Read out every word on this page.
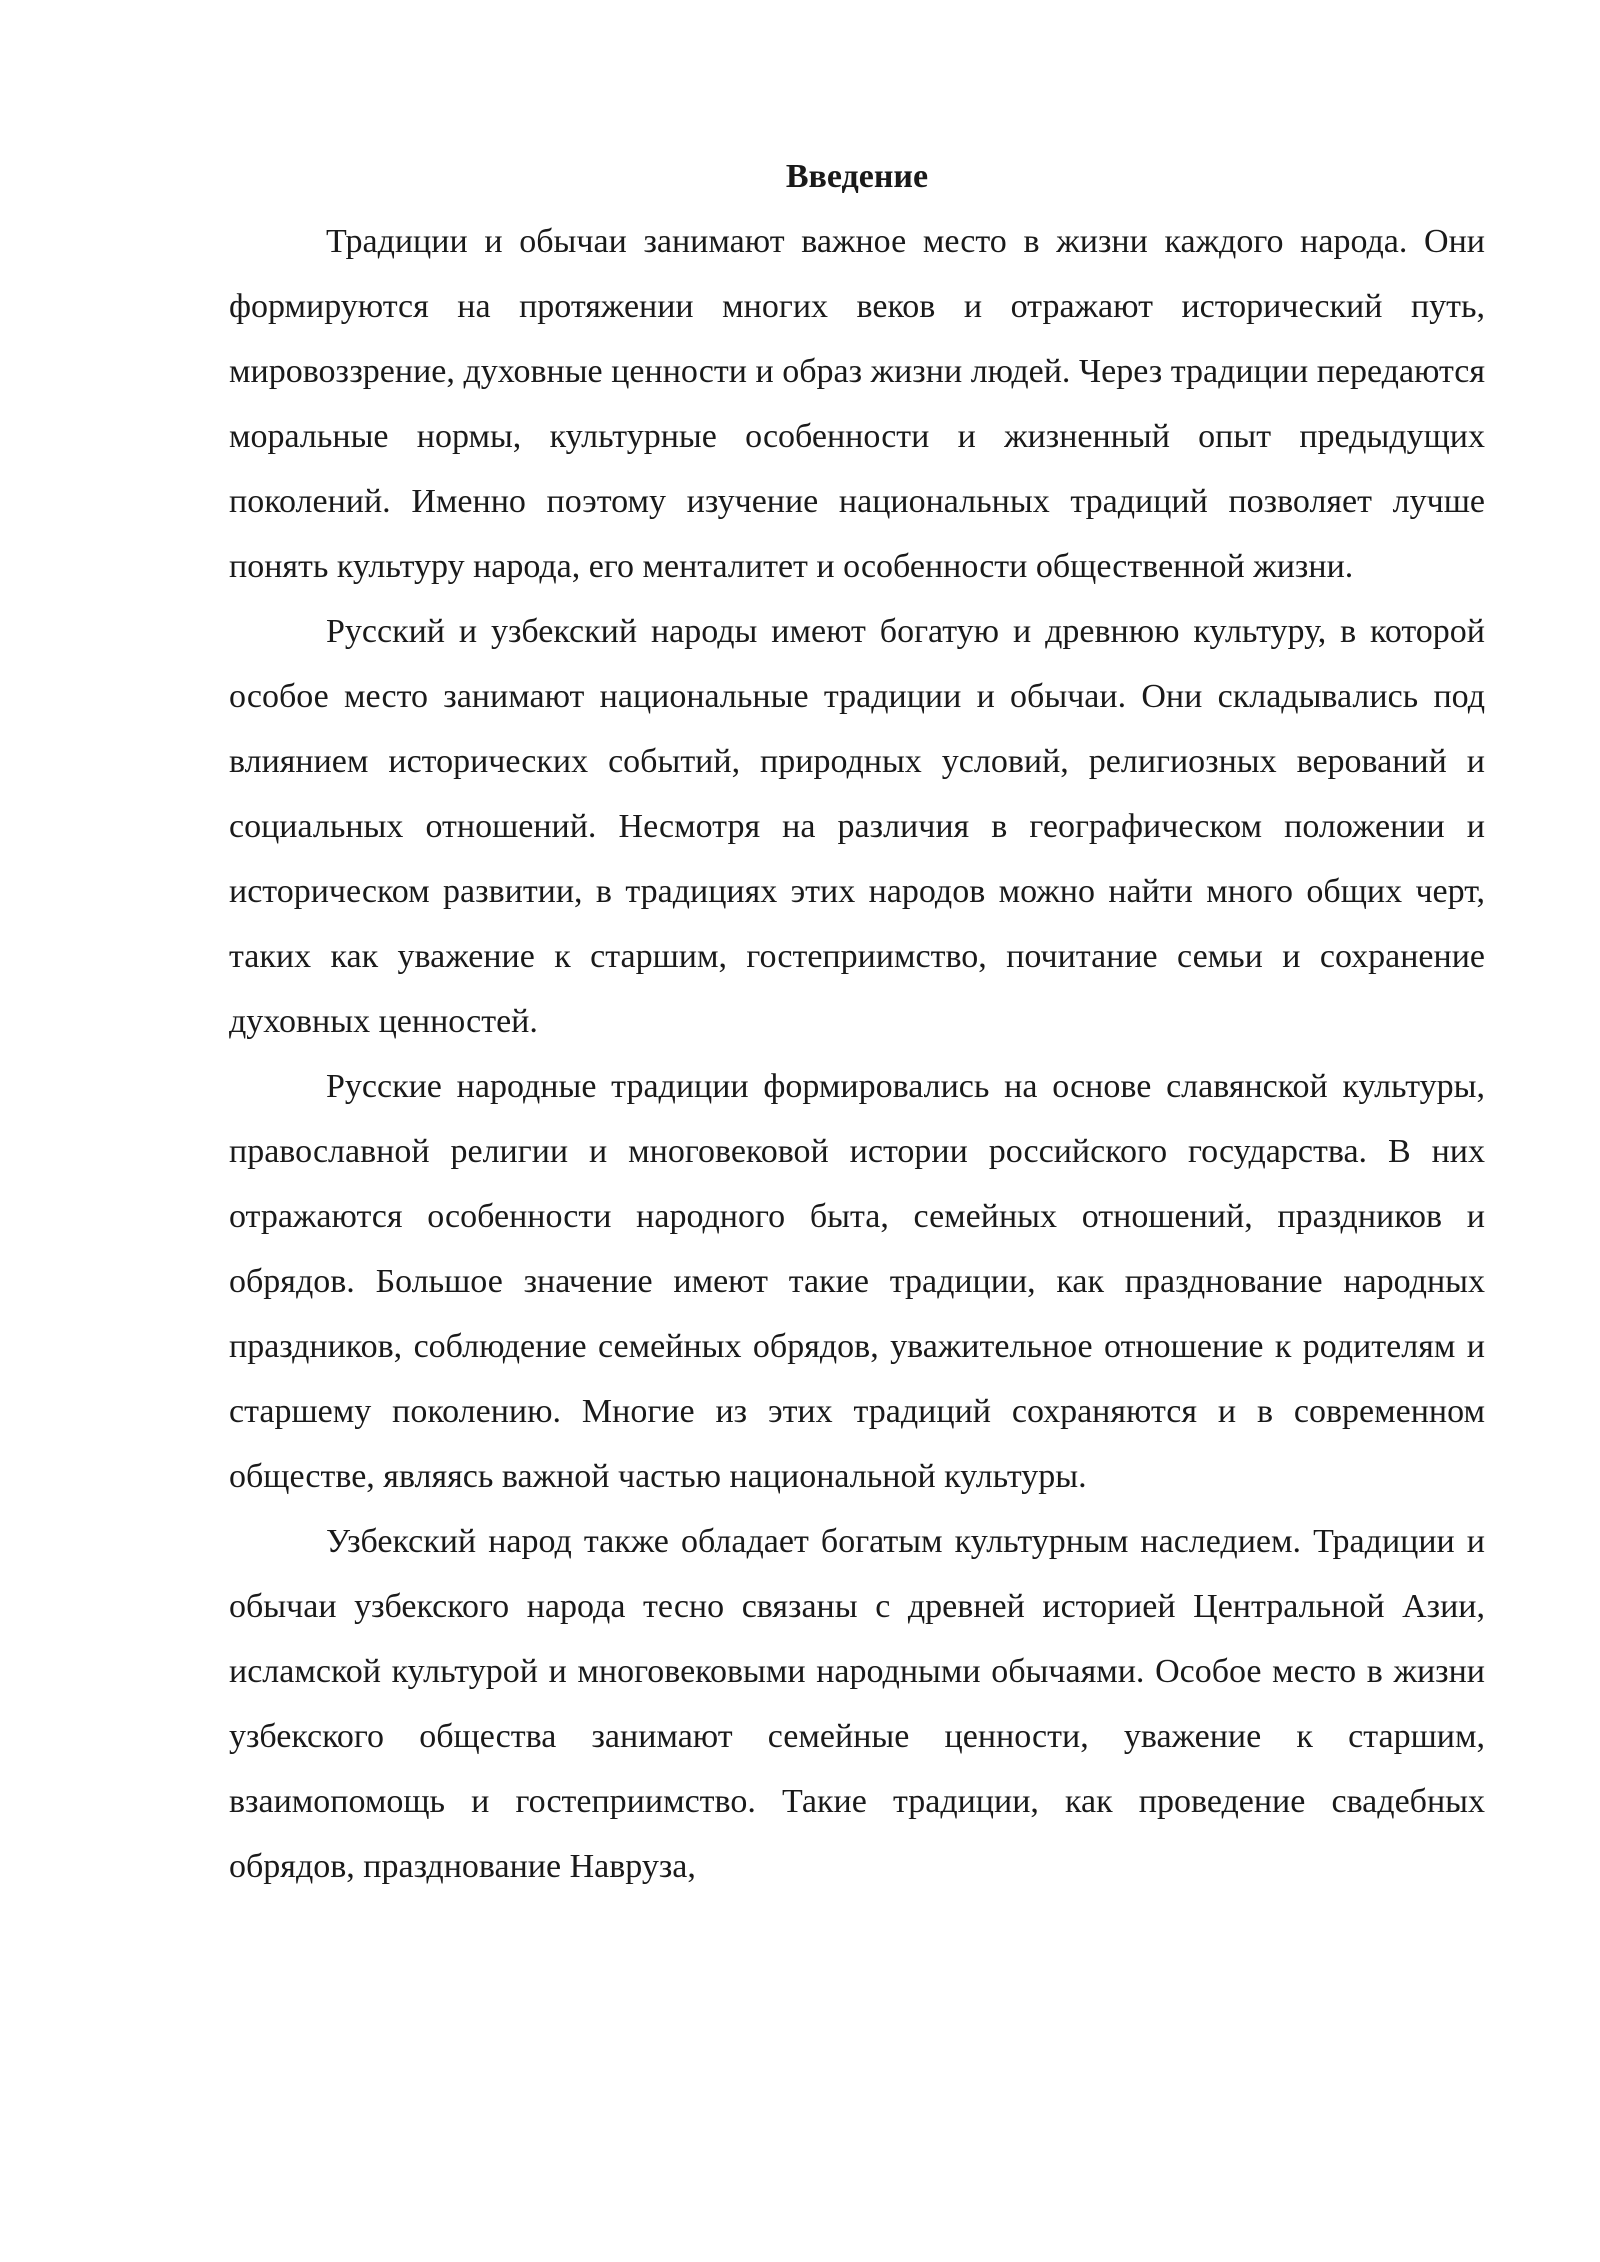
Введение

Традиции и обычаи занимают важное место в жизни каждого народа. Они формируются на протяжении многих веков и отражают исторический путь, мировоззрение, духовные ценности и образ жизни людей. Через традиции передаются моральные нормы, культурные особенности и жизненный опыт предыдущих поколений. Именно поэтому изучение национальных традиций позволяет лучше понять культуру народа, его менталитет и особенности общественной жизни.

Русский и узбекский народы имеют богатую и древнюю культуру, в которой особое место занимают национальные традиции и обычаи. Они складывались под влиянием исторических событий, природных условий, религиозных верований и социальных отношений. Несмотря на различия в географическом положении и историческом развитии, в традициях этих народов можно найти много общих черт, таких как уважение к старшим, гостеприимство, почитание семьи и сохранение духовных ценностей.

Русские народные традиции формировались на основе славянской культуры, православной религии и многовековой истории российского государства. В них отражаются особенности народного быта, семейных отношений, праздников и обрядов. Большое значение имеют такие традиции, как празднование народных праздников, соблюдение семейных обрядов, уважительное отношение к родителям и старшему поколению. Многие из этих традиций сохраняются и в современном обществе, являясь важной частью национальной культуры.

Узбекский народ также обладает богатым культурным наследием. Традиции и обычаи узбекского народа тесно связаны с древней историей Центральной Азии, исламской культурой и многовековыми народными обычаями. Особое место в жизни узбекского общества занимают семейные ценности, уважение к старшим, взаимопомощь и гостеприимство. Такие традиции, как проведение свадебных обрядов, празднование Навруза,
